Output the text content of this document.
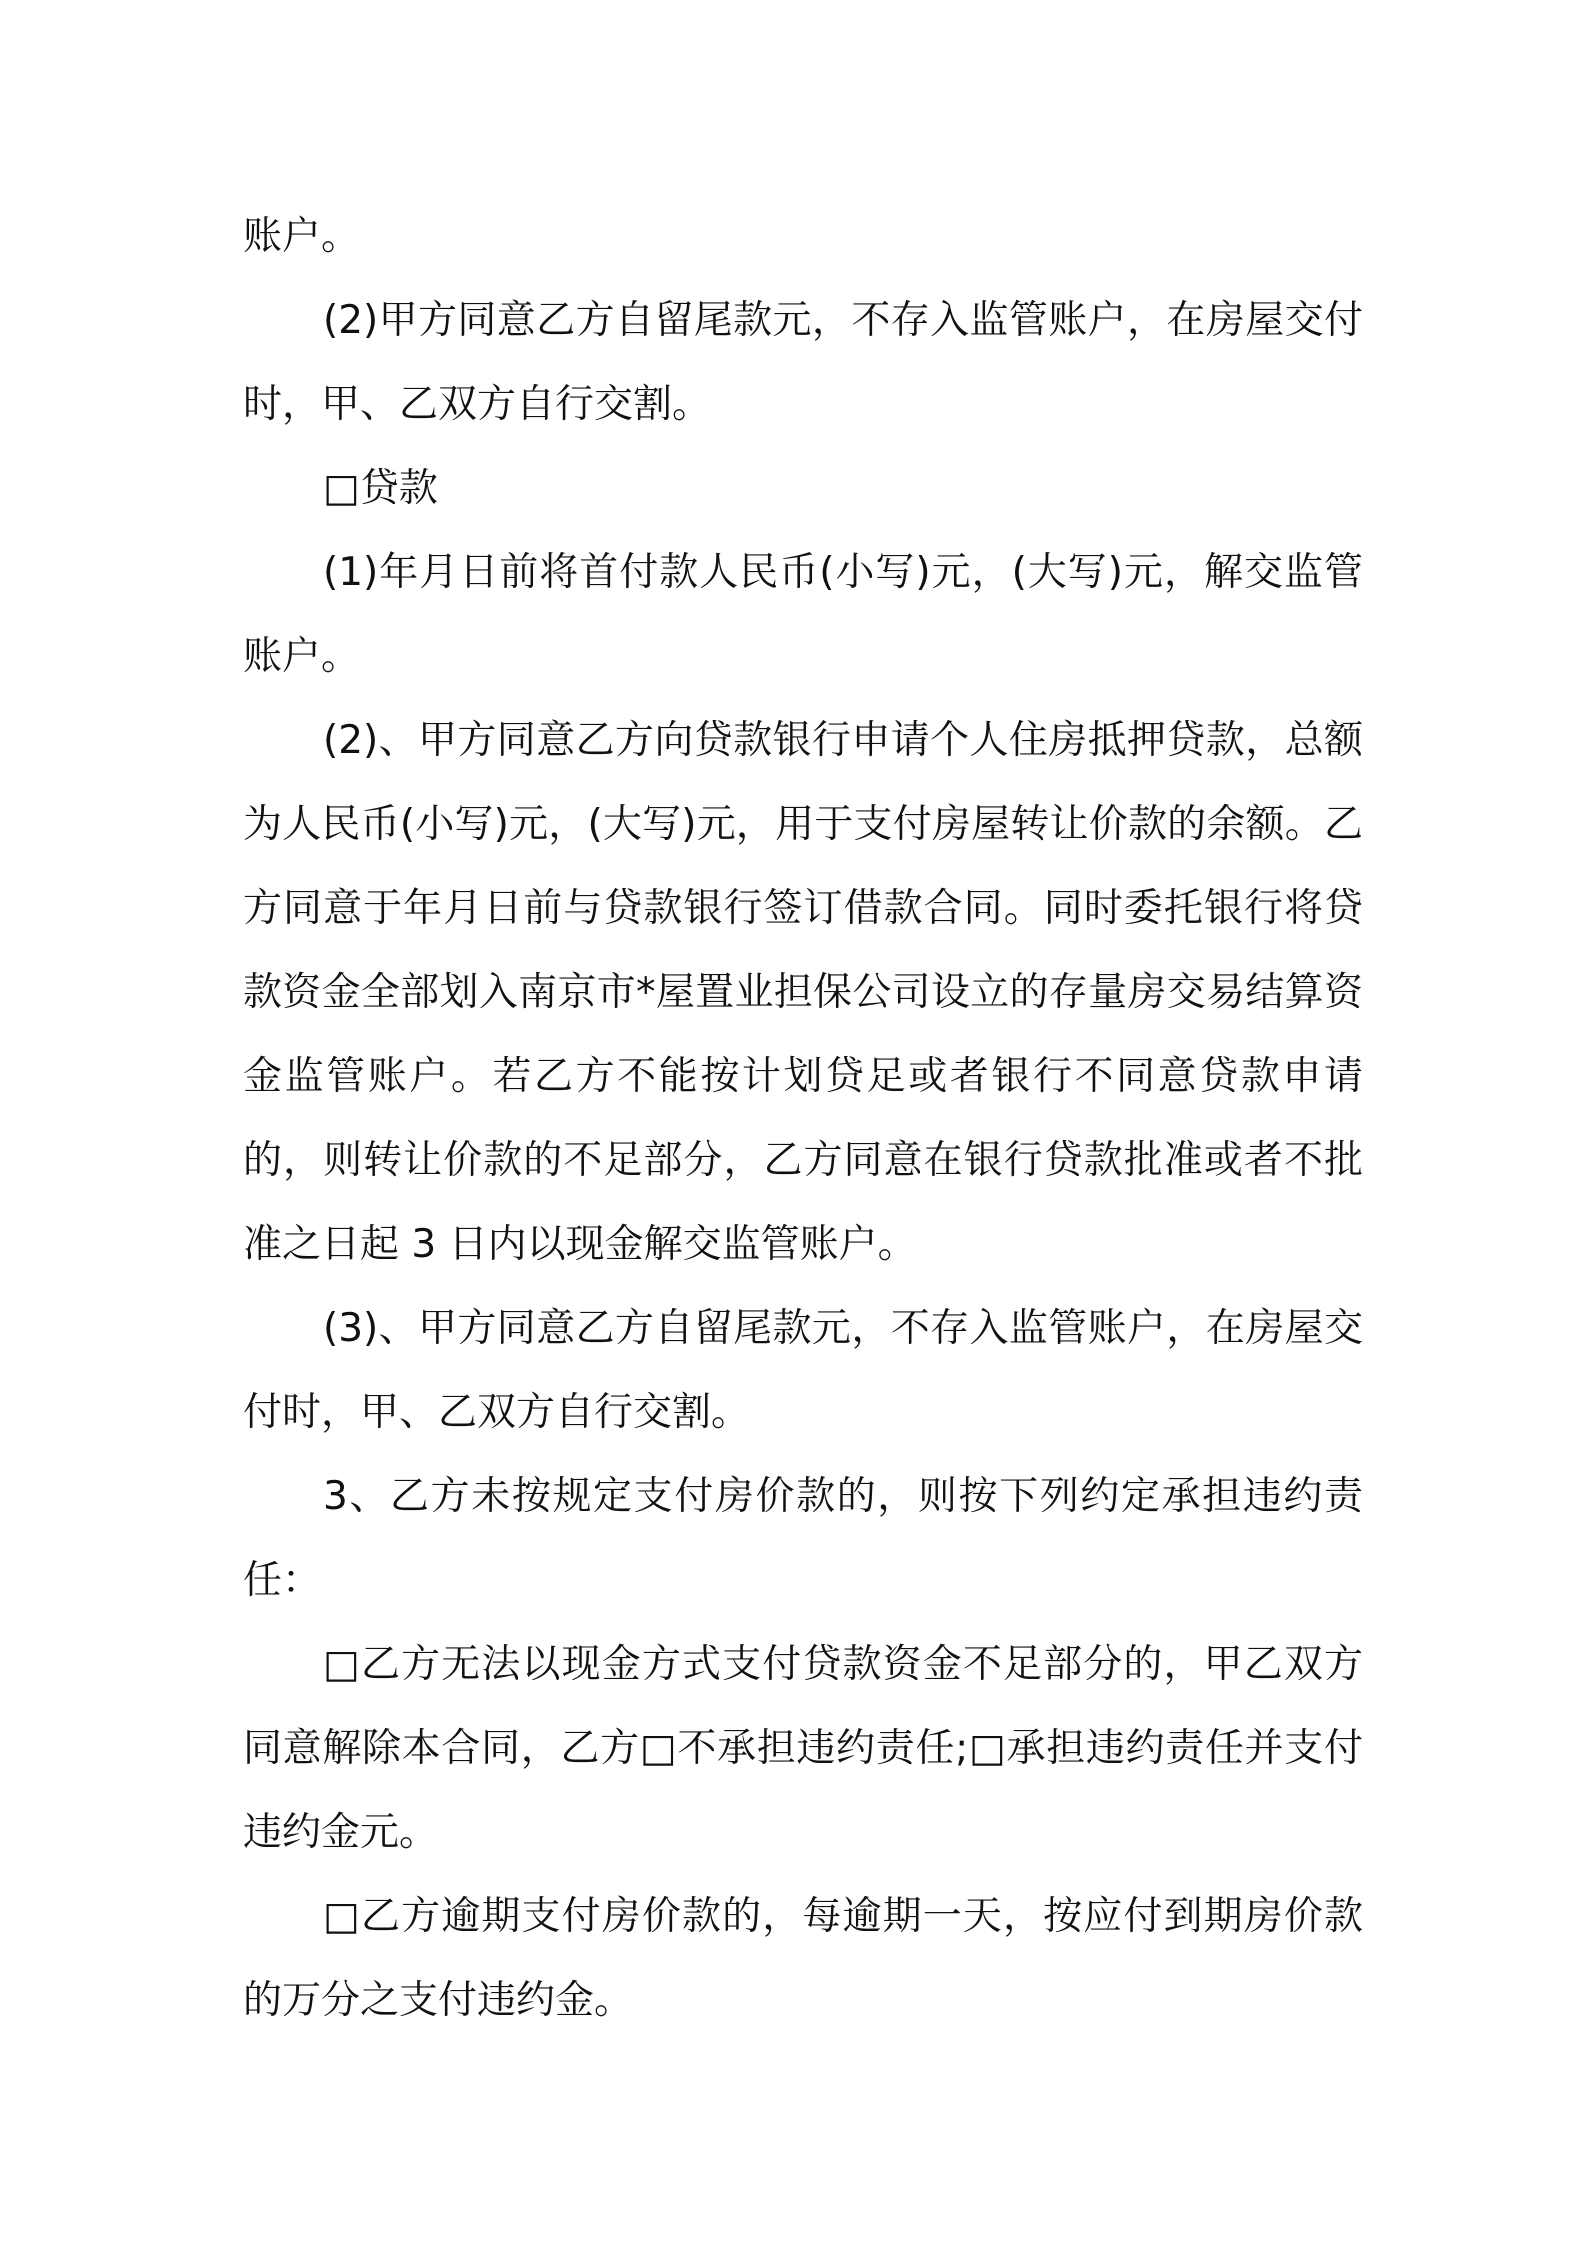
账户。

(2)甲方同意乙方自留尾款元，不存入监管账户，在房屋交付时，甲、乙双方自行交割。

□贷款

(1)年月日前将首付款人民币(小写)元，(大写)元，解交监管账户。

(2)、甲方同意乙方向贷款银行申请个人住房抵押贷款，总额为人民币(小写)元，(大写)元，用于支付房屋转让价款的余额。乙方同意于年月日前与贷款银行签订借款合同。同时委托银行将贷款资金全部划入南京市*屋置业担保公司设立的存量房交易结算资金监管账户。若乙方不能按计划贷足或者银行不同意贷款申请的，则转让价款的不足部分，乙方同意在银行贷款批准或者不批准之日起 3 日内以现金解交监管账户。

(3)、甲方同意乙方自留尾款元，不存入监管账户，在房屋交付时，甲、乙双方自行交割。

3、乙方未按规定支付房价款的，则按下列约定承担违约责任：

□乙方无法以现金方式支付贷款资金不足部分的，甲乙双方同意解除本合同，乙方□不承担违约责任;□承担违约责任并支付违约金元。

□乙方逾期支付房价款的，每逾期一天，按应付到期房价款的万分之支付违约金。
